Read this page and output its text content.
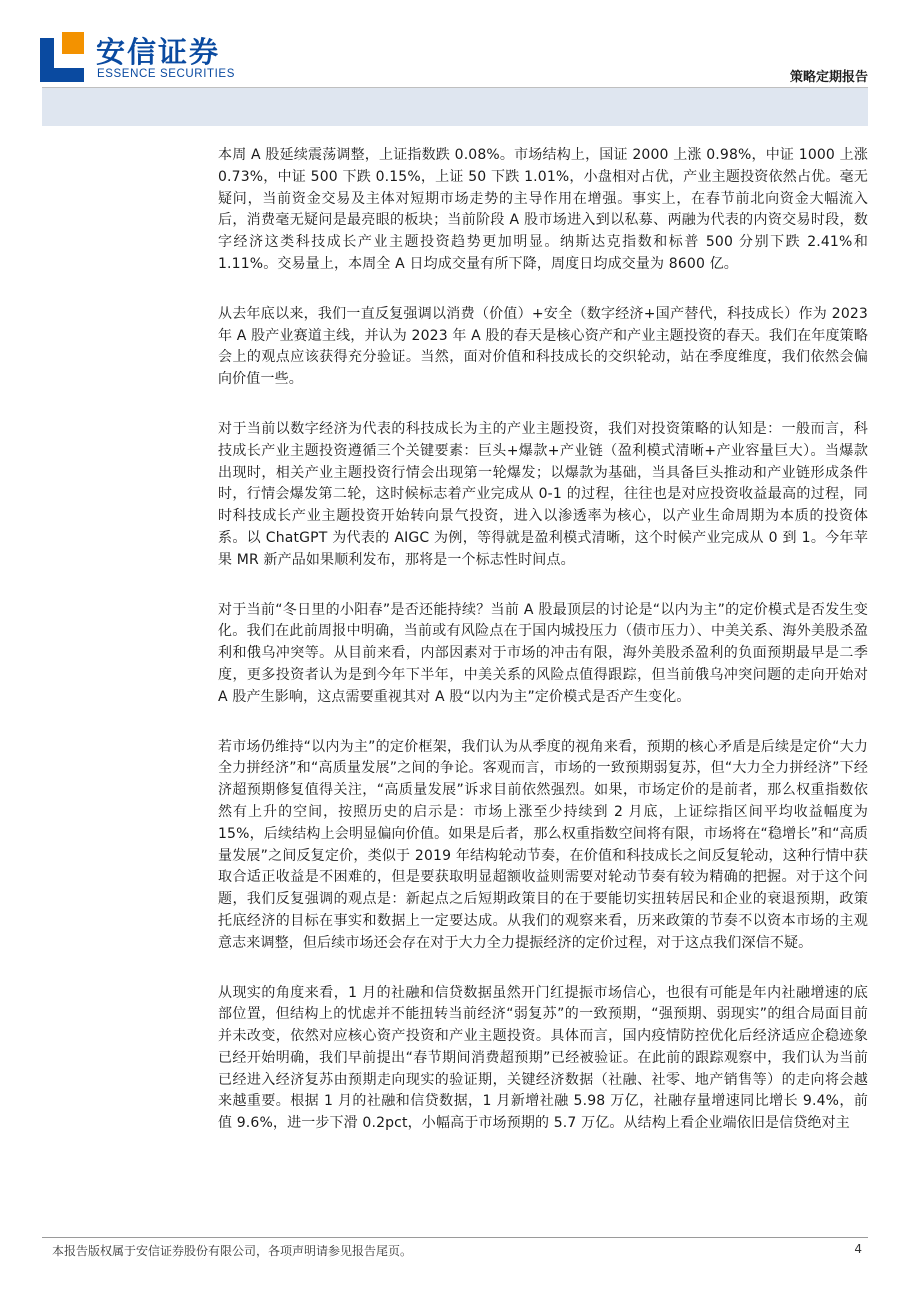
安信证券
ESSENCE SECURITIES	策略定期报告

本周 A 股延续震荡调整，上证指数跌 0.08%。市场结构上，国证 2000 上涨 0.98%，中证 1000 上涨 0.73%，中证 500 下跌 0.15%，上证 50 下跌 1.01%，小盘相对占优，产业主题投资依然占优。毫无疑问，当前资金交易及主体对短期市场走势的主导作用在增强。事实上，在春节前北向资金大幅流入后，消费毫无疑问是最亮眼的板块；当前阶段 A 股市场进入到以私募、两融为代表的内资交易时段，数字经济这类科技成长产业主题投资趋势更加明显。纳斯达克指数和标普 500 分别下跌 2.41%和 1.11%。交易量上，本周全 A 日均成交量有所下降，周度日均成交量为 8600 亿。

从去年底以来，我们一直反复强调以消费（价值）+安全（数字经济+国产替代，科技成长）作为 2023 年 A 股产业赛道主线，并认为 2023 年 A 股的春天是核心资产和产业主题投资的春天。我们在年度策略会上的观点应该获得充分验证。当然，面对价值和科技成长的交织轮动，站在季度维度，我们依然会偏向价值一些。

对于当前以数字经济为代表的科技成长为主的产业主题投资，我们对投资策略的认知是：一般而言，科技成长产业主题投资遵循三个关键要素：巨头+爆款+产业链（盈利模式清晰+产业容量巨大）。当爆款出现时，相关产业主题投资行情会出现第一轮爆发；以爆款为基础，当具备巨头推动和产业链形成条件时，行情会爆发第二轮，这时候标志着产业完成从 0-1 的过程，往往也是对应投资收益最高的过程，同时科技成长产业主题投资开始转向景气投资，进入以渗透率为核心，以产业生命周期为本质的投资体系。以 ChatGPT 为代表的 AIGC 为例，等得就是盈利模式清晰，这个时候产业完成从 0 到 1。今年苹果 MR 新产品如果顺利发布，那将是一个标志性时间点。

对于当前“冬日里的小阳春”是否还能持续？当前 A 股最顶层的讨论是“以内为主”的定价模式是否发生变化。我们在此前周报中明确，当前或有风险点在于国内城投压力（债市压力）、中美关系、海外美股杀盈利和俄乌冲突等。从目前来看，内部因素对于市场的冲击有限，海外美股杀盈利的负面预期最早是二季度，更多投资者认为是到今年下半年，中美关系的风险点值得跟踪，但当前俄乌冲突问题的走向开始对 A 股产生影响，这点需要重视其对 A 股“以内为主”定价模式是否产生变化。

若市场仍维持“以内为主”的定价框架，我们认为从季度的视角来看，预期的核心矛盾是后续是定价“大力全力拼经济”和“高质量发展”之间的争论。客观而言，市场的一致预期弱复苏，但“大力全力拼经济”下经济超预期修复值得关注，“高质量发展”诉求目前依然强烈。如果，市场定价的是前者，那么权重指数依然有上升的空间，按照历史的启示是：市场上涨至少持续到 2 月底，上证综指区间平均收益幅度为 15%，后续结构上会明显偏向价值。如果是后者，那么权重指数空间将有限，市场将在“稳增长”和“高质量发展”之间反复定价，类似于 2019 年结构轮动节奏，在价值和科技成长之间反复轮动，这种行情中获取合适正收益是不困难的，但是要获取明显超额收益则需要对轮动节奏有较为精确的把握。对于这个问题，我们反复强调的观点是：新起点之后短期政策目的在于要能切实扭转居民和企业的衰退预期，政策托底经济的目标在事实和数据上一定要达成。从我们的观察来看，历来政策的节奏不以资本市场的主观意志来调整，但后续市场还会存在对于大力全力提振经济的定价过程，对于这点我们深信不疑。

从现实的角度来看，1 月的社融和信贷数据虽然开门红提振市场信心，也很有可能是年内社融增速的底部位置，但结构上的忧虑并不能扭转当前经济“弱复苏”的一致预期，“强预期、弱现实”的组合局面目前并未改变，依然对应核心资产投资和产业主题投资。具体而言，国内疫情防控优化后经济适应企稳迹象已经开始明确，我们早前提出“春节期间消费超预期”已经被验证。在此前的跟踪观察中，我们认为当前已经进入经济复苏由预期走向现实的验证期，关键经济数据（社融、社零、地产销售等）的走向将会越来越重要。根据 1 月的社融和信贷数据，1 月新增社融 5.98 万亿，社融存量增速同比增长 9.4%，前值 9.6%，进一步下滑 0.2pct，小幅高于市场预期的 5.7 万亿。从结构上看企业端依旧是信贷绝对主

本报告版权属于安信证券股份有限公司，各项声明请参见报告尾页。	4
